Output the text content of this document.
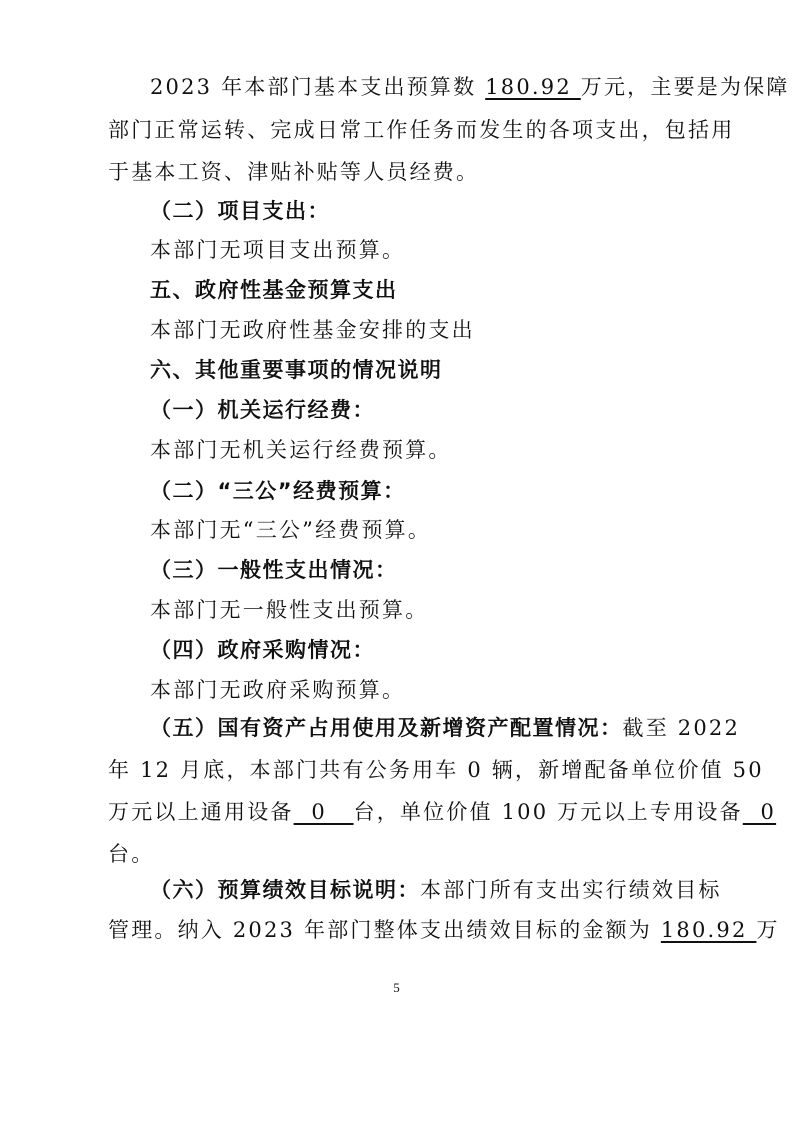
2023 年本部门基本支出预算数 180.92 万元，主要是为保障
部门正常运转、完成日常工作任务而发生的各项支出，包括用
于基本工资、津贴补贴等人员经费。
（二）项目支出：
本部门无项目支出预算。
五、政府性基金预算支出
本部门无政府性基金安排的支出
六、其他重要事项的情况说明
（一）机关运行经费：
本部门无机关运行经费预算。
（二）“三公”经费预算：
本部门无“三公”经费预算。
（三）一般性支出情况：
本部门无一般性支出预算。
（四）政府采购情况：
本部门无政府采购预算。
（五）国有资产占用使用及新增资产配置情况：截至 2022
年 12 月底，本部门共有公务用车 0 辆，新增配备单位价值 50
万元以上通用设备  0   台，单位价值 100 万元以上专用设备  0
台。
（六）预算绩效目标说明：本部门所有支出实行绩效目标
管理。纳入 2023 年部门整体支出绩效目标的金额为 180.92 万
5
